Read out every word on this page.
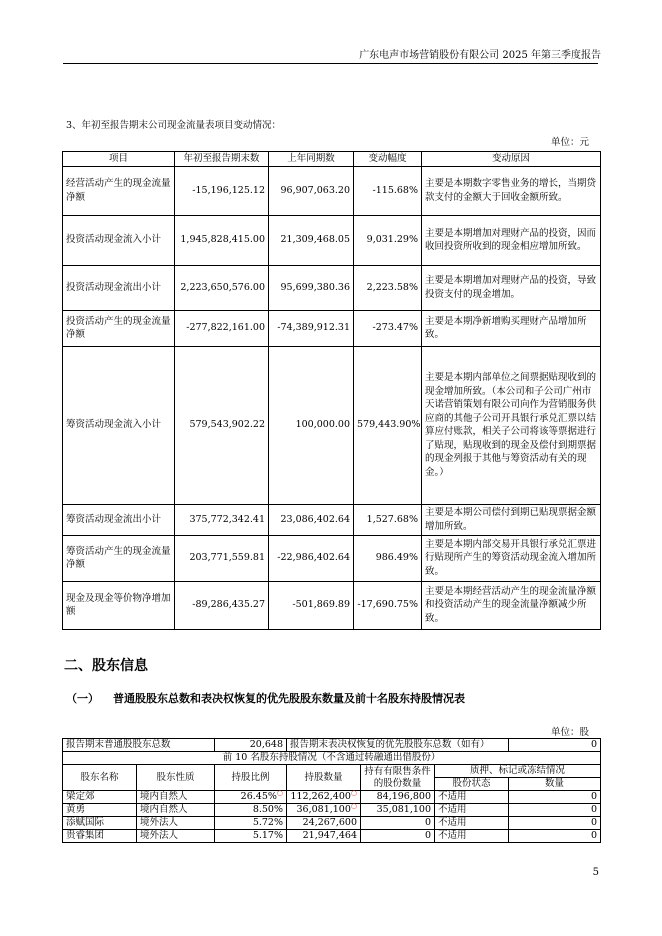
广东电声市场营销股份有限公司 2025 年第三季度报告
3、年初至报告期末公司现金流量表项目变动情况：
单位：元
项目	年初至报告期末数	上年同期数	变动幅度	变动原因
经营活动产生的现金流量净额	-15,196,125.12	96,907,063.20	-115.68%	主要是本期数字零售业务的增长，当期贷款支付的金额大于回收金额所致。
投资活动现金流入小计	1,945,828,415.00	21,309,468.05	9,031.29%	主要是本期增加对理财产品的投资，因而收回投资所收到的现金相应增加所致。
投资活动现金流出小计	2,223,650,576.00	95,699,380.36	2,223.58%	主要是本期增加对理财产品的投资，导致投资支付的现金增加。
投资活动产生的现金流量净额	-277,822,161.00	-74,389,912.31	-273.47%	主要是本期净新增购买理财产品增加所致。
筹资活动现金流入小计	579,543,902.22	100,000.00	579,443.90%	主要是本期内部单位之间票据贴现收到的现金增加所致。（本公司和子公司广州市天诺营销策划有限公司向作为营销服务供应商的其他子公司开具银行承兑汇票以结算应付账款，相关子公司将该等票据进行了贴现，贴现收到的现金及偿付到期票据的现金列报于其他与筹资活动有关的现金。）
筹资活动现金流出小计	375,772,342.41	23,086,402.64	1,527.68%	主要是本期公司偿付到期已贴现票据金额增加所致。
筹资活动产生的现金流量净额	203,771,559.81	-22,986,402.64	986.49%	主要是本期内部交易开具银行承兑汇票进行贴现所产生的筹资活动现金流入增加所致。
现金及现金等价物净增加额	-89,286,435.27	-501,869.89	-17,690.75%	主要是本期经营活动产生的现金流量净额和投资活动产生的现金流量净额减少所致。
二、股东信息
（一） 普通股股东总数和表决权恢复的优先股股东数量及前十名股东持股情况表
单位：股
报告期末普通股股东总数		20,648	报告期末表决权恢复的优先股股东总数（如有）			0
前 10 名股东持股情况（不含通过转融通出借股份）						
股东名称	股东性质	持股比例	持股数量	持有有限售条件的股份数量	质押、标记或冻结情况	
					股份状态	数量
梁定郊	境内自然人	26.45%○	112,262,400○	84,196,800	不适用	0
黄勇	境内自然人	8.50%	36,081,100○	35,081,100	不适用	0
添赋国际	境外法人	5.72%	24,267,600	0	不适用	0
贵睿集团	境外法人	5.17%	21,947,464	0	不适用	0
5
